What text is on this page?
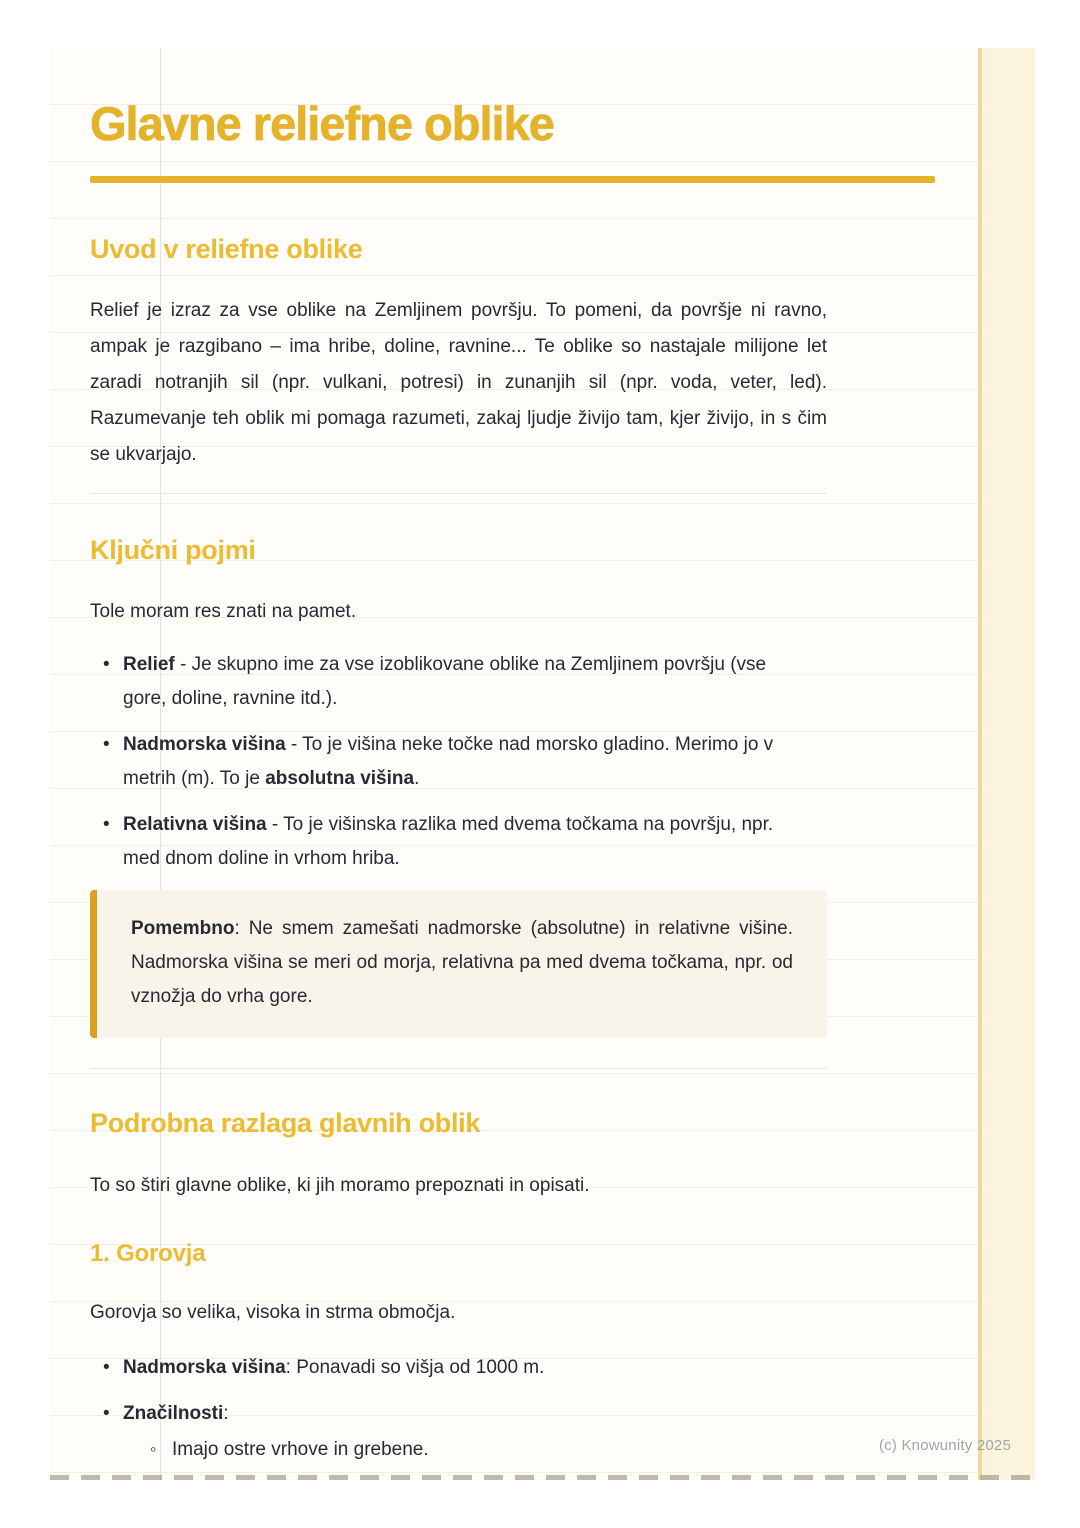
Glavne reliefne oblike
Uvod v reliefne oblike

Relief je izraz za vse oblike na Zemljinem površju. To pomeni, da površje ni ravno, ampak je razgibano – ima hribe, doline, ravnine... Te oblike so nastajale milijone let zaradi notranjih sil (npr. vulkani, potresi) in zunanjih sil (npr. voda, veter, led). Razumevanje teh oblik mi pomaga razumeti, zakaj ljudje živijo tam, kjer živijo, in s čim se ukvarjajo.

Ključni pojmi

Tole moram res znati na pamet.

• Relief - Je skupno ime za vse izoblikovane oblike na Zemljinem površju (vse gore, doline, ravnine itd.).
• Nadmorska višina - To je višina neke točke nad morsko gladino. Merimo jo v metrih (m). To je absolutna višina.
• Relativna višina - To je višinska razlika med dvema točkama na površju, npr. med dnom doline in vrhom hriba.

Pomembno: Ne smem zamešati nadmorske (absolutne) in relativne višine. Nadmorska višina se meri od morja, relativna pa med dvema točkama, npr. od vznožja do vrha gore.

Podrobna razlaga glavnih oblik

To so štiri glavne oblike, ki jih moramo prepoznati in opisati.

1. Gorovja

Gorovja so velika, visoka in strma območja.

• Nadmorska višina: Ponavadi so višja od 1000 m.
• Značilnosti:
◦ Imajo ostre vrhove in grebene.	(c) Knowunity 2025
